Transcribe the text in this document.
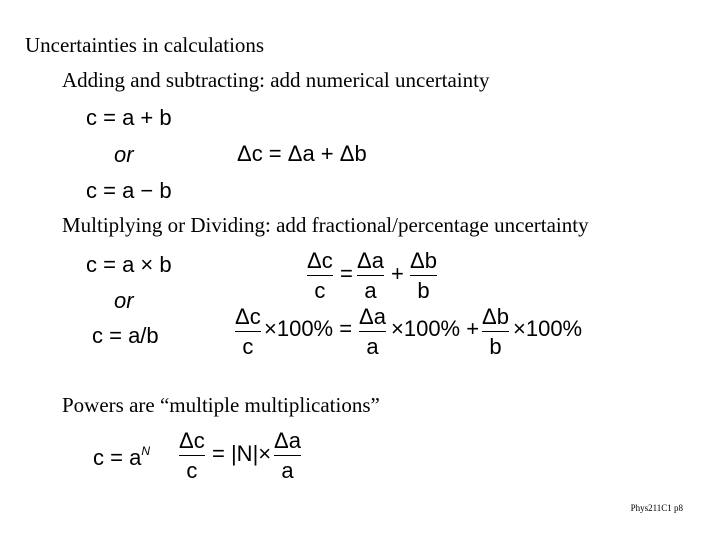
Uncertainties in calculations
Adding and subtracting: add numerical uncertainty
c = a + b
or
c = a − b
Δc = Δa + Δb
Multiplying or Dividing: add fractional/percentage uncertainty
c = a × b
or
c = a/b
$\frac{\Delta c}{c} = \frac{\Delta a}{a} + \frac{\Delta b}{b}$
$\frac{\Delta c}{c} \times 100\% = \frac{\Delta a}{a} \times 100\% + \frac{\Delta b}{b} \times 100\%$
Powers are “multiple multiplications”
$c = a^N \frac{\Delta c}{c} = |N|\times \frac{\Delta a}{a}$
Phys211C1 p8
